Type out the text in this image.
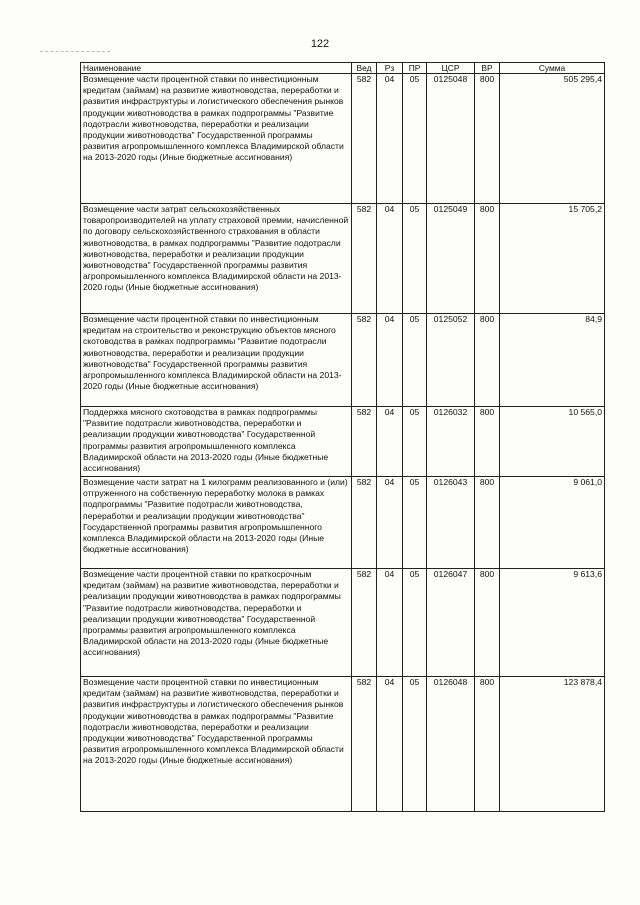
122
Наименование	Вед	Рз	ПР	ЦСР	ВР	Сумма
Возмещение части процентной ставки по инвестиционным кредитам (займам) на развитие животноводства, переработки и развития инфраструктуры и логистического обеспечения рынков продукции животноводства в рамках подпрограммы "Развитие подотрасли животноводства, переработки и реализации продукции животноводства" Государственной программы развития агропромышленного комплекса Владимирской области на 2013-2020 годы (Иные бюджетные ассигнования)	582	04	05	0125048	800	505 295,4
Возмещение части затрат сельскохозяйственных товаропроизводителей на уплату страховой премии, начисленной по договору сельскохозяйственного страхования в области животноводства, в рамках подпрограммы "Развитие подотрасли животноводства, переработки и реализации продукции животноводства" Государственной программы развития агропромышленного комплекса Владимирской области на 2013-2020 годы (Иные бюджетные ассигнования)	582	04	05	0125049	800	15 705,2
Возмещение части процентной ставки по инвестиционным кредитам на строительство и реконструкцию объектов мясного скотоводства в рамках подпрограммы "Развитие подотрасли животноводства, переработки и реализации продукции животноводства" Государственной программы развития агропромышленного комплекса Владимирской области на 2013-2020 годы (Иные бюджетные ассигнования)	582	04	05	0125052	800	84,9
Поддержка мясного скотоводства в рамках подпрограммы "Развитие подотрасли животноводства, переработки и реализации продукции животноводства" Государственной программы развития агропромышленного комплекса Владимирской области на 2013-2020 годы (Иные бюджетные ассигнования)	582	04	05	0126032	800	10 565,0
Возмещение части затрат на 1 килограмм реализованного и (или) отгруженного на собственную переработку молока в рамках подпрограммы "Развитие подотрасли животноводства, переработки и реализации продукции животноводства" Государственной программы развития агропромышленного комплекса Владимирской области на 2013-2020 годы (Иные бюджетные ассигнования)	582	04	05	0126043	800	9 061,0
Возмещение части процентной ставки по краткосрочным кредитам (займам) на развитие животноводства, переработки и реализации продукции животноводства в рамках подпрограммы "Развитие подотрасли животноводства, переработки и реализации продукции животноводства" Государственной программы развития агропромышленного комплекса Владимирской области на 2013-2020 годы (Иные бюджетные ассигнования)	582	04	05	0126047	800	9 613,6
Возмещение части процентной ставки по инвестиционным кредитам (займам) на развитие животноводства, переработки и развития инфраструктуры и логистического обеспечения рынков продукции животноводства в рамках подпрограммы "Развитие подотрасли животноводства, переработки и реализации продукции животноводства" Государственной программы развития агропромышленного комплекса Владимирской области на 2013-2020 годы (Иные бюджетные ассигнования)	582	04	05	0126048	800	123 878,4
